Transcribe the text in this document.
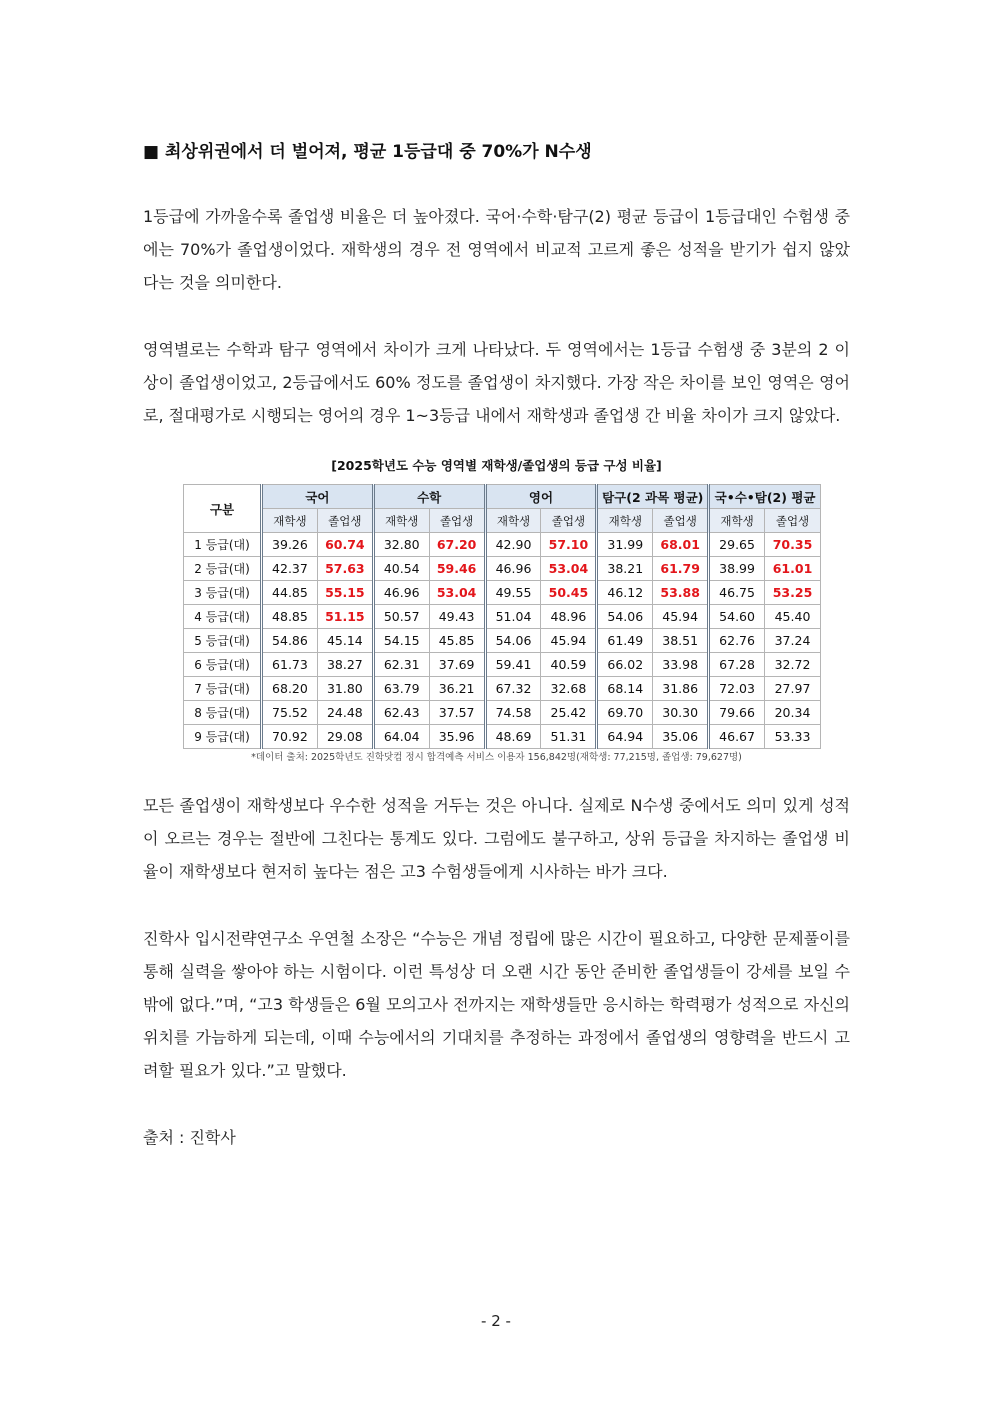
■ 최상위권에서 더 벌어져, 평균 1등급대 중 70%가 N수생

1등급에 가까울수록 졸업생 비율은 더 높아졌다. 국어·수학·탐구(2) 평균 등급이 1등급대인 수험생 중에는 70%가 졸업생이었다. 재학생의 경우 전 영역에서 비교적 고르게 좋은 성적을 받기가 쉽지 않았다는 것을 의미한다.

영역별로는 수학과 탐구 영역에서 차이가 크게 나타났다. 두 영역에서는 1등급 수험생 중 3분의 2 이상이 졸업생이었고, 2등급에서도 60% 정도를 졸업생이 차지했다. 가장 작은 차이를 보인 영역은 영어로, 절대평가로 시행되는 영어의 경우 1~3등급 내에서 재학생과 졸업생 간 비율 차이가 크지 않았다.

[2025학년도 수능 영역별 재학생/졸업생의 등급 구성 비율]
구분	국어		수학		영어		탐구(2 과목 평균)		국•수•탐(2) 평균	
	재학생	졸업생	재학생	졸업생	재학생	졸업생	재학생	졸업생	재학생	졸업생
1 등급(대)	39.26	60.74	32.80	67.20	42.90	57.10	31.99	68.01	29.65	70.35
2 등급(대)	42.37	57.63	40.54	59.46	46.96	53.04	38.21	61.79	38.99	61.01
3 등급(대)	44.85	55.15	46.96	53.04	49.55	50.45	46.12	53.88	46.75	53.25
4 등급(대)	48.85	51.15	50.57	49.43	51.04	48.96	54.06	45.94	54.60	45.40
5 등급(대)	54.86	45.14	54.15	45.85	54.06	45.94	61.49	38.51	62.76	37.24
6 등급(대)	61.73	38.27	62.31	37.69	59.41	40.59	66.02	33.98	67.28	32.72
7 등급(대)	68.20	31.80	63.79	36.21	67.32	32.68	68.14	31.86	72.03	27.97
8 등급(대)	75.52	24.48	62.43	37.57	74.58	25.42	69.70	30.30	79.66	20.34
9 등급(대)	70.92	29.08	64.04	35.96	48.69	51.31	64.94	35.06	46.67	53.33
*데이터 출처: 2025학년도 진학닷컴 정시 합격예측 서비스 이용자 156,842명(재학생: 77,215명, 졸업생: 79,627명)

모든 졸업생이 재학생보다 우수한 성적을 거두는 것은 아니다. 실제로 N수생 중에서도 의미 있게 성적이 오르는 경우는 절반에 그친다는 통계도 있다. 그럼에도 불구하고, 상위 등급을 차지하는 졸업생 비율이 재학생보다 현저히 높다는 점은 고3 수험생들에게 시사하는 바가 크다.

진학사 입시전략연구소 우연철 소장은 “수능은 개념 정립에 많은 시간이 필요하고, 다양한 문제풀이를 통해 실력을 쌓아야 하는 시험이다. 이런 특성상 더 오랜 시간 동안 준비한 졸업생들이 강세를 보일 수밖에 없다.”며, “고3 학생들은 6월 모의고사 전까지는 재학생들만 응시하는 학력평가 성적으로 자신의 위치를 가늠하게 되는데, 이때 수능에서의 기대치를 추정하는 과정에서 졸업생의 영향력을 반드시 고려할 필요가 있다.”고 말했다.

출처 : 진학사

- 2 -
